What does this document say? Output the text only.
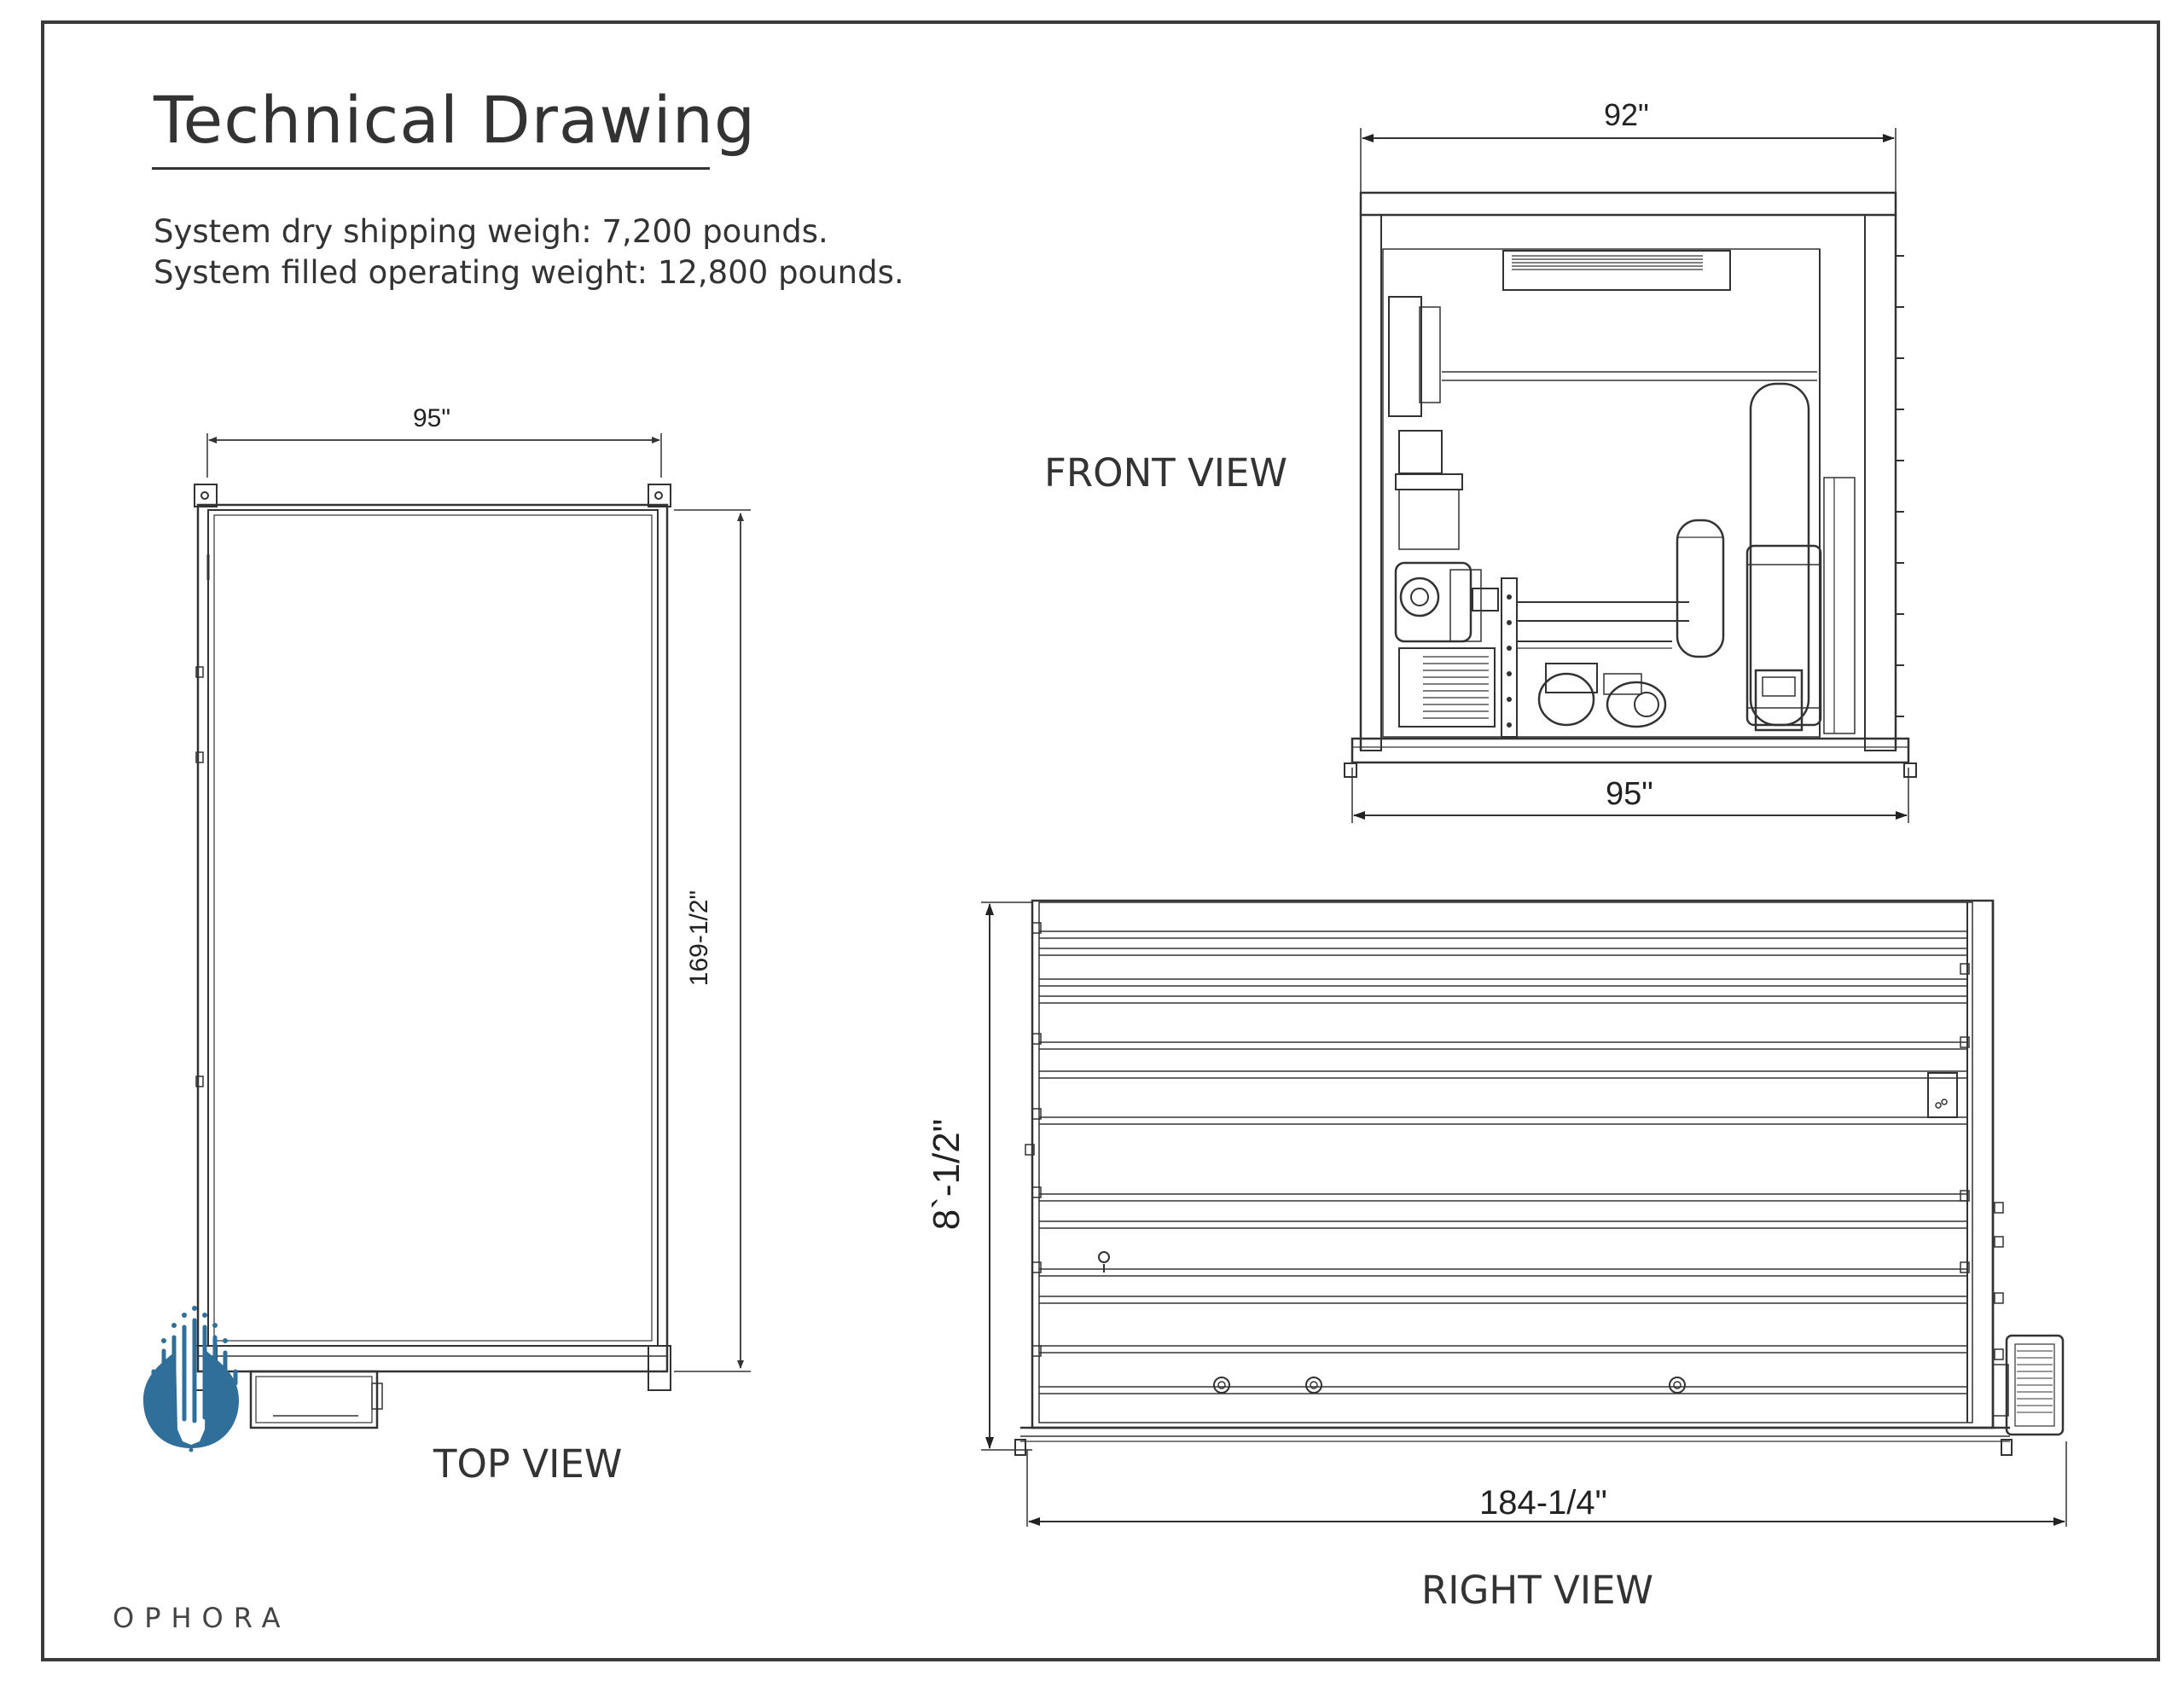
Technical Drawing
System dry shipping weigh: 7,200 pounds.
System filled operating weight: 12,800 pounds.
TOP VIEW
FRONT VIEW
RIGHT VIEW
95"
169-1/2"
92"
95"
8`-1/2"
184-1/4"
OPHORA
